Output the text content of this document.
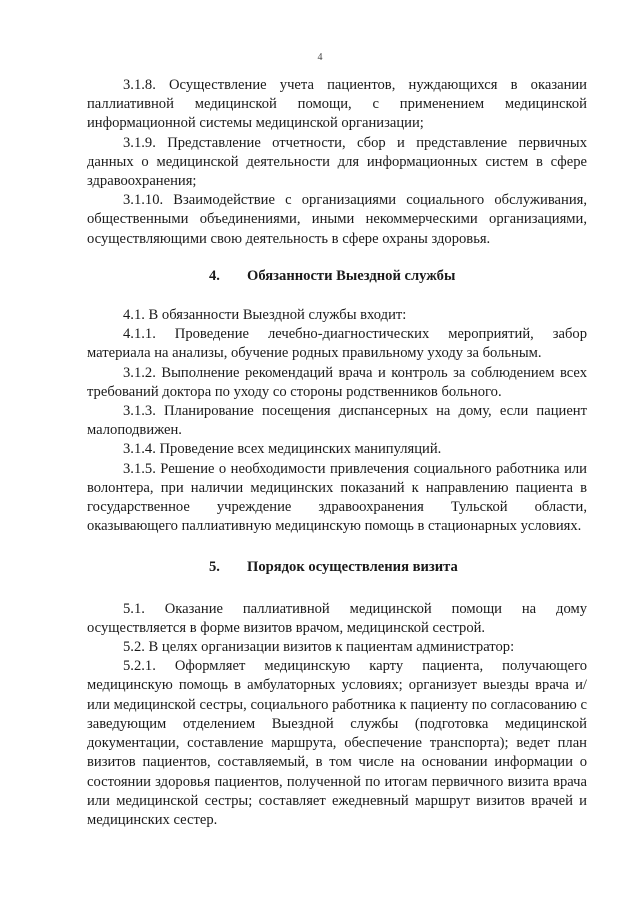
4

3.1.8. Осуществление учета пациентов, нуждающихся в оказании паллиативной медицинской помощи, с применением медицинской информационной системы медицинской организации;

3.1.9. Представление отчетности, сбор и представление первичных данных о медицинской деятельности для информационных систем в сфере здравоохранения;

3.1.10. Взаимодействие с организациями социального обслуживания, общественными объединениями, иными некоммерческими организациями, осуществляющими свою деятельность в сфере охраны здоровья.

4. Обязанности Выездной службы

4.1. В обязанности Выездной службы входит:

4.1.1. Проведение лечебно-диагностических мероприятий, забор материала на анализы, обучение родных правильному уходу за больным.

3.1.2. Выполнение рекомендаций врача и контроль за соблюдением всех требований доктора по уходу со стороны родственников больного.

3.1.3. Планирование посещения диспансерных на дому, если пациент малоподвижен.

3.1.4. Проведение всех медицинских манипуляций.

3.1.5. Решение о необходимости привлечения социального работника или волонтера, при наличии медицинских показаний к направлению пациента в государственное учреждение здравоохранения Тульской области, оказывающего паллиативную медицинскую помощь в стационарных условиях.

5. Порядок осуществления визита

5.1. Оказание паллиативной медицинской помощи на дому осуществляется в форме визитов врачом, медицинской сестрой.

5.2. В целях организации визитов к пациентам администратор:

5.2.1. Оформляет медицинскую карту пациента, получающего медицинскую помощь в амбулаторных условиях; организует выезды врача и/или медицинской сестры, социального работника к пациенту по согласованию с заведующим отделением Выездной службы (подготовка медицинской документации, составление маршрута, обеспечение транспорта); ведет план визитов пациентов, составляемый, в том числе на основании информации о состоянии здоровья пациентов, полученной по итогам первичного визита врача или медицинской сестры; составляет ежедневный маршрут визитов врачей и медицинских сестер.
